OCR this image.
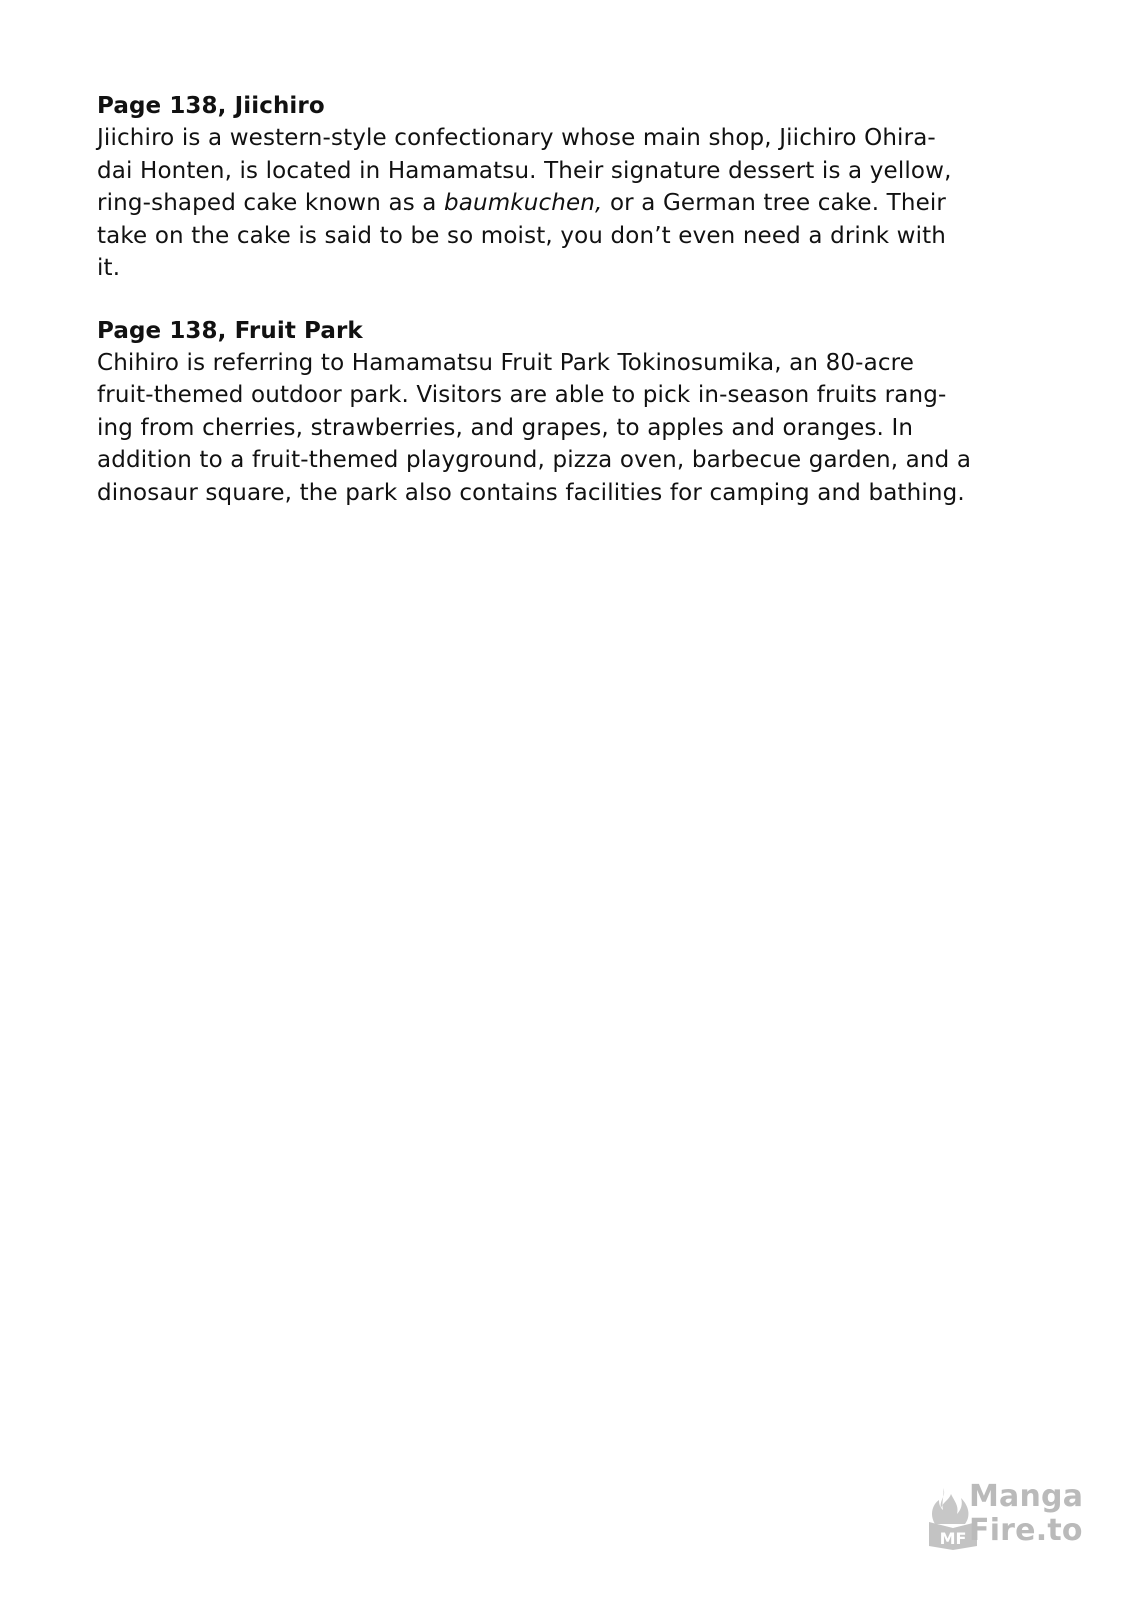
Page 138, Jiichiro

Jiichiro is a western-style confectionary whose main shop, Jiichiro Ohira-
dai Honten, is located in Hamamatsu. Their signature dessert is a yellow,
ring-shaped cake known as a baumkuchen, or a German tree cake. Their
take on the cake is said to be so moist, you don’t even need a drink with
it.

Page 138, Fruit Park

Chihiro is referring to Hamamatsu Fruit Park Tokinosumika, an 80-acre
fruit-themed outdoor park. Visitors are able to pick in-season fruits rang-
ing from cherries, strawberries, and grapes, to apples and oranges. In
addition to a fruit-themed playground, pizza oven, barbecue garden, and a
dinosaur square, the park also contains facilities for camping and bathing.

MF
Manga
Fire.to
